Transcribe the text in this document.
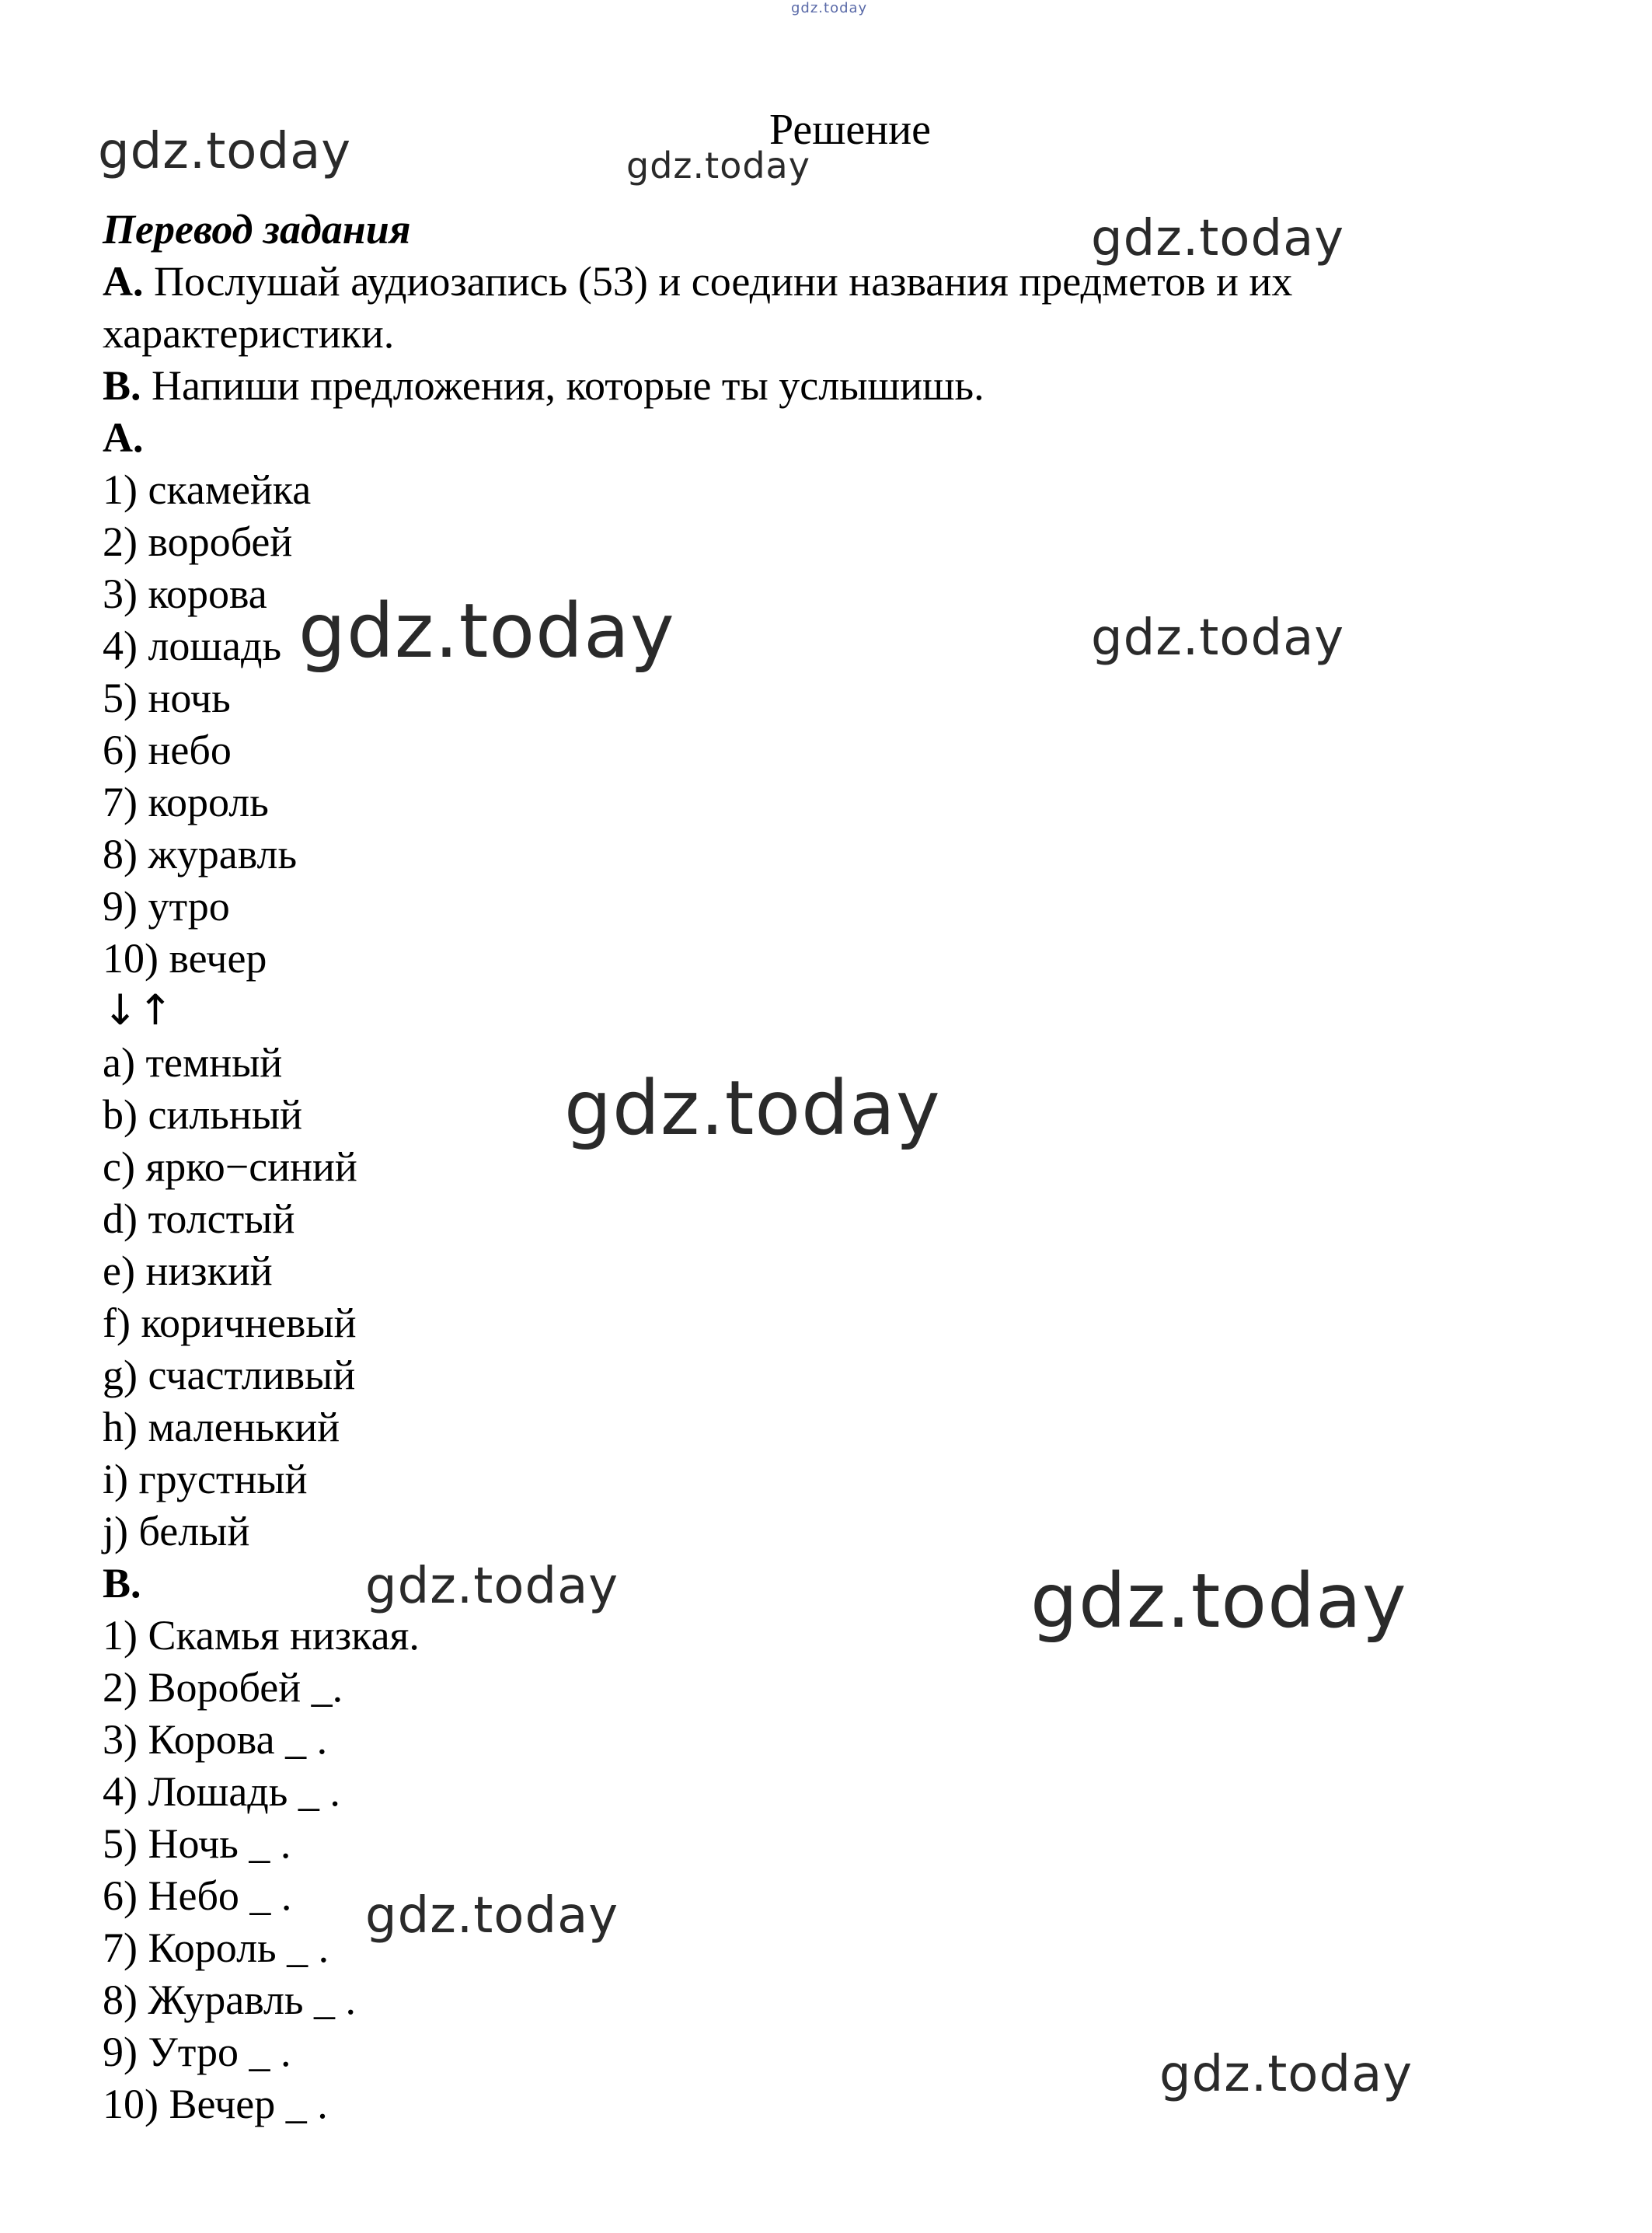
gdz.today
Решение
Перевод задания
A. Послушай аудиозапись (53) и соедини названия предметов и их
характеристики.
B. Напиши предложения, которые ты услышишь.
A.
1) скамейка
2) воробей
3) корова
4) лошадь
5) ночь
6) небо
7) король
8) журавль
9) утро
10) вечер
↓↑
a) темный
b) сильный
c) ярко−синий
d) толстый
e) низкий
f) коричневый
g) счастливый
h) маленький
i) грустный
j) белый
B.
1) Скамья низкая.
2) Воробей _.
3) Корова _ .
4) Лошадь _ .
5) Ночь _ .
6) Небо _ .
7) Король _ .
8) Журавль _ .
9) Утро _ .
10) Вечер _ .
gdz.today	gdz.today
gdz.today
gdz.today	gdz.today
gdz.today
gdz.today	gdz.today
gdz.today
gdz.today
